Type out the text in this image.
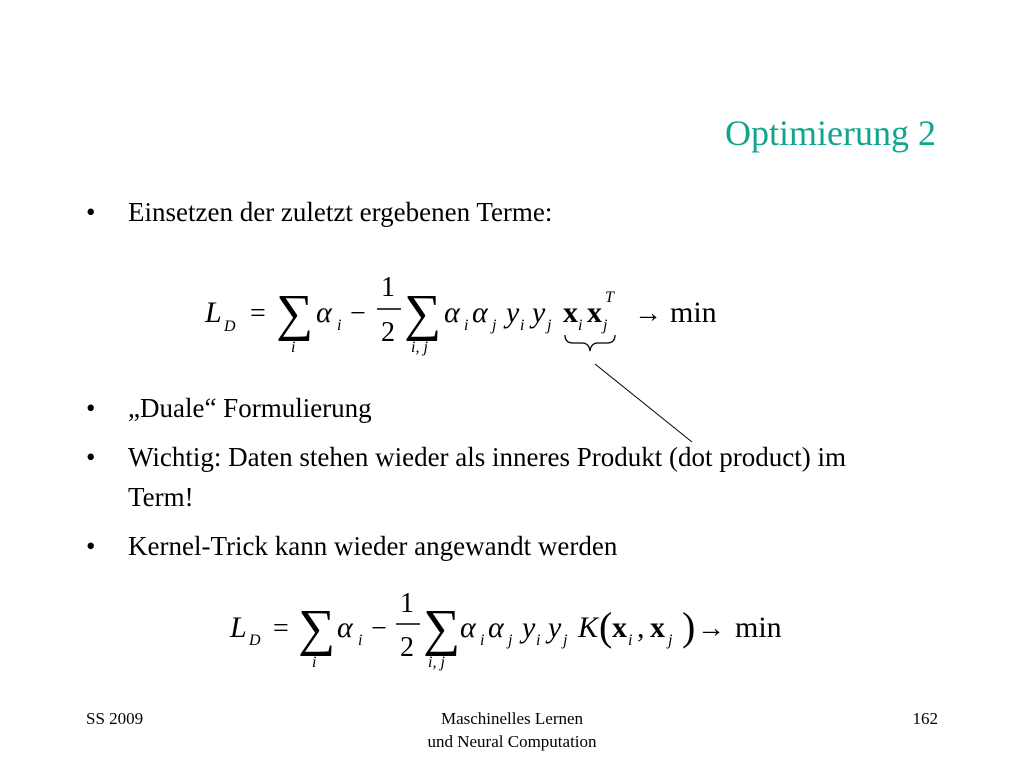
Optimierung 2
•	Einsetzen der zuletzt ergebenen Terme:
L D = ∑
i
α i −
1
2 ∑
i, j
α i α j y i y j x i x T
j → min
•	„Duale“ Formulierung
•	Wichtig: Daten stehen wieder als inneres Produkt (dot product) im Term!
•	Kernel-Trick kann wieder angewandt werden
L D = ∑
i
α i −
1
2 ∑
i, j
α i α j y i y j K ( x i , x j ) → min
SS 2009	Maschinelles Lernen
und Neural Computation
162
